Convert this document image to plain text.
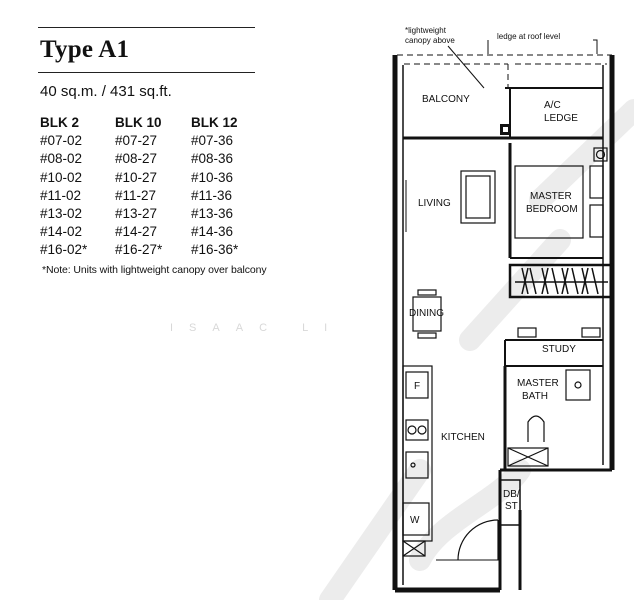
Type A1
40 sq.m. / 431 sq.ft.
BLK 2
#07-02
#08-02
#10-02
#11-02
#13-02
#14-02
#16-02*
BLK 10
#07-27
#08-27
#10-27
#11-27
#13-27
#14-27
#16-27*
BLK 12
#07-36
#08-36
#10-36
#11-36
#13-36
#14-36
#16-36*
*Note: Units with lightweight canopy over balcony
ISAAC LI
*lightweight
canopy above	ledge at roof level
BALCONY
A/C
LEDGE
LIVING
MASTER
BEDROOM
DINING
STUDY
MASTER
BATH
KITCHEN
DB/
ST
F
W
